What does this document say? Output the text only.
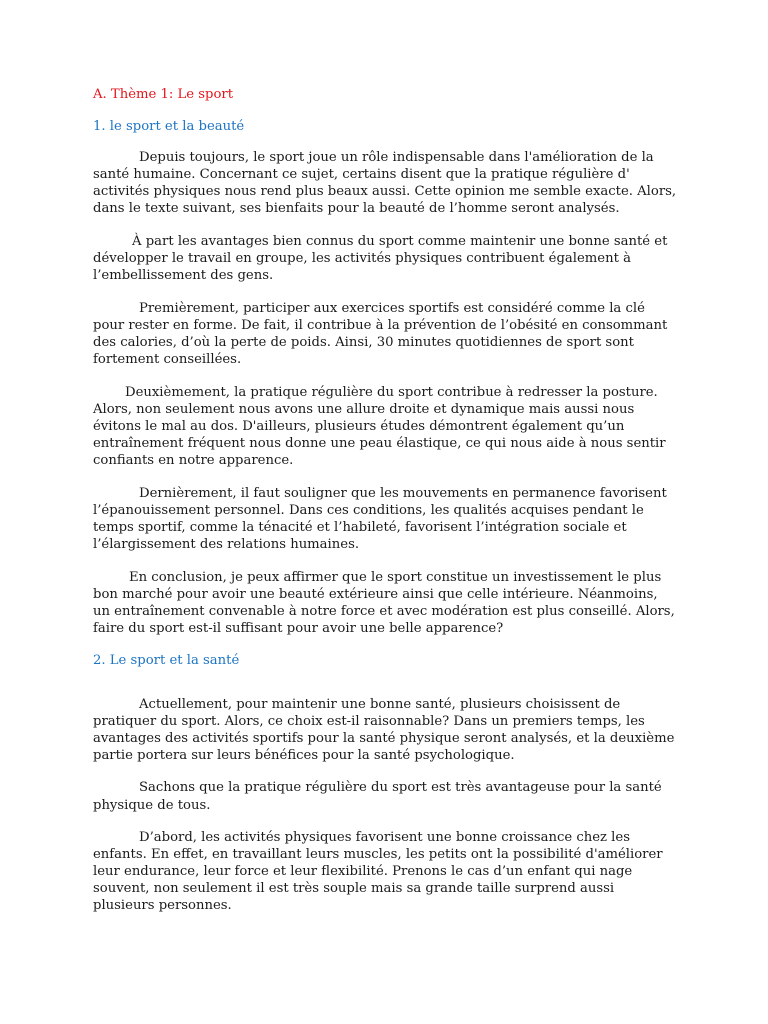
A. Thème 1: Le sport

1. le sport et la beauté

Depuis toujours, le sport joue un rôle indispensable dans l'amélioration de la santé humaine. Concernant ce sujet, certains disent que la pratique régulière d' activités physiques nous rend plus beaux aussi. Cette opinion me semble exacte. Alors, dans le texte suivant, ses bienfaits pour la beauté de l’homme seront analysés.

À part les avantages bien connus du sport comme maintenir une bonne santé et développer le travail en groupe, les activités physiques contribuent également à l’embellissement des gens.

Premièrement, participer aux exercices sportifs est considéré comme la clé pour rester en forme. De fait, il contribue à la prévention de l’obésité en consommant des calories, d’où la perte de poids. Ainsi, 30 minutes quotidiennes de sport sont fortement conseillées.

Deuxièmement, la pratique régulière du sport contribue à redresser la posture. Alors, non seulement nous avons une allure droite et dynamique mais aussi nous évitons le mal au dos. D'ailleurs, plusieurs études démontrent également qu’un entraînement fréquent nous donne une peau élastique, ce qui nous aide à nous sentir confiants en notre apparence.

Dernièrement, il faut souligner que les mouvements en permanence favorisent l’épanouissement personnel. Dans ces conditions, les qualités acquises pendant le temps sportif, comme la ténacité et l’habileté, favorisent l’intégration sociale et l’élargissement des relations humaines.

En conclusion, je peux affirmer que le sport constitue un investissement le plus bon marché pour avoir une beauté extérieure ainsi que celle intérieure. Néanmoins, un entraînement convenable à notre force et avec modération est plus conseillé. Alors, faire du sport est-il suffisant pour avoir une belle apparence?

2. Le sport et la santé

Actuellement, pour maintenir une bonne santé, plusieurs choisissent de pratiquer du sport. Alors, ce choix est-il raisonnable? Dans un premiers temps, les avantages des activités sportifs pour la santé physique seront analysés, et la deuxième partie portera sur leurs bénéfices pour la santé psychologique.

Sachons que la pratique régulière du sport est très avantageuse pour la santé physique de tous.

D’abord, les activités physiques favorisent une bonne croissance chez les enfants. En effet, en travaillant leurs muscles, les petits ont la possibilité d'améliorer leur endurance, leur force et leur flexibilité. Prenons le cas d’un enfant qui nage souvent, non seulement il est très souple mais sa grande taille surprend aussi plusieurs personnes.
